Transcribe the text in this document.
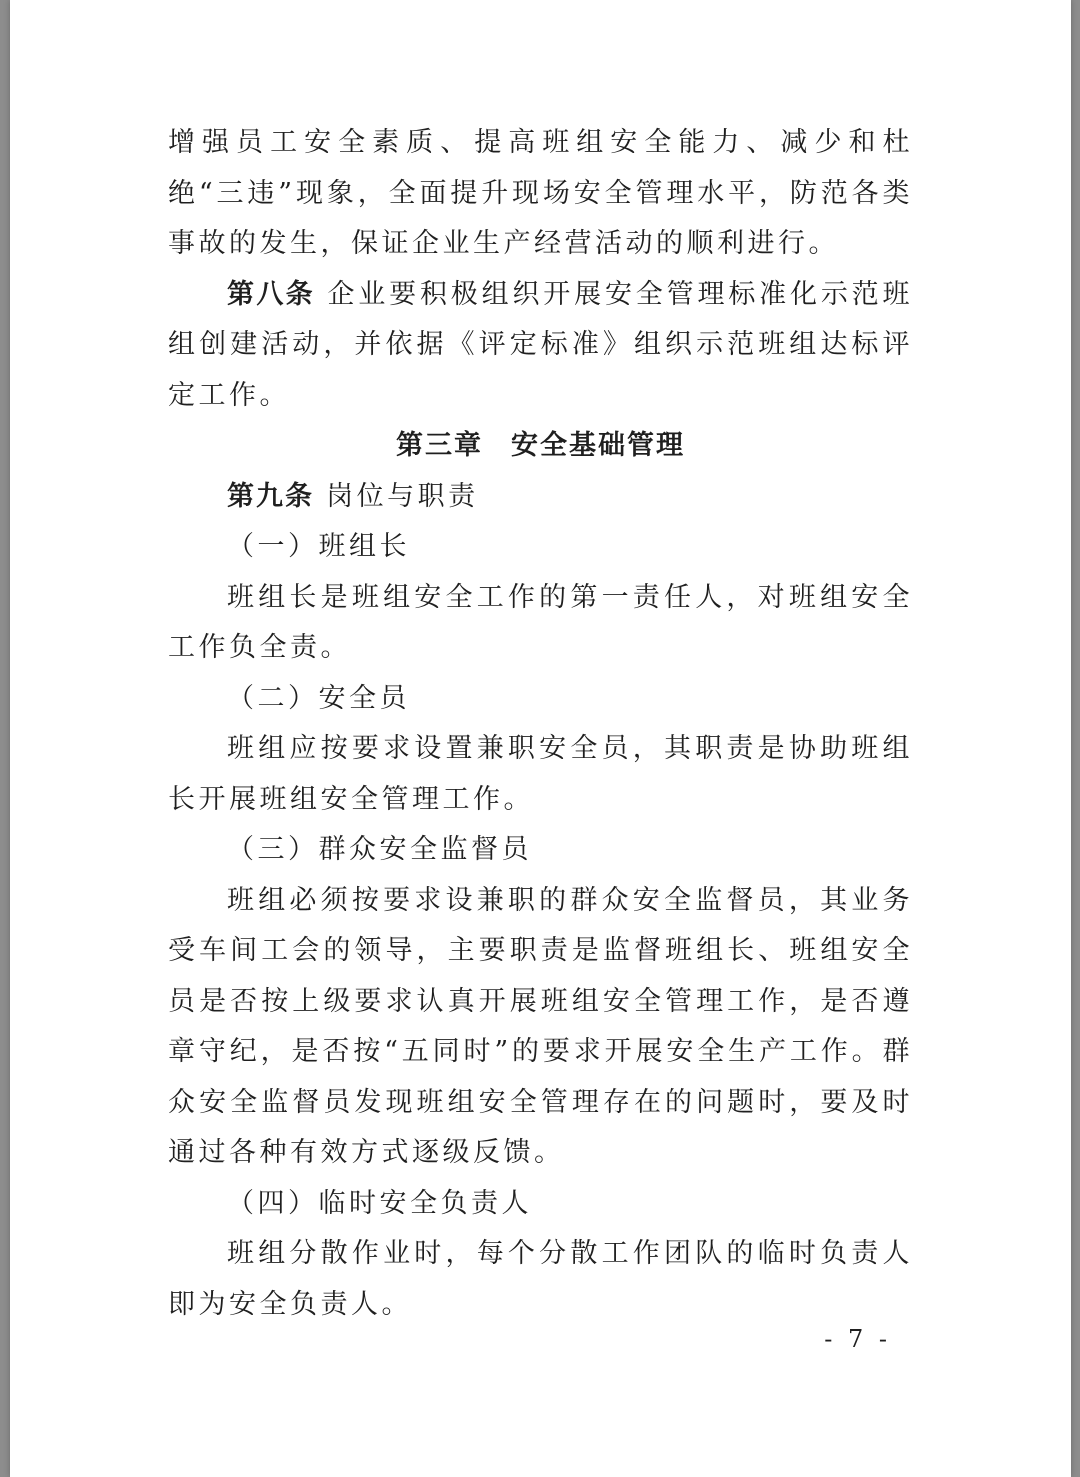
增强员工安全素质、提高班组安全能力、减少和杜绝“三违”现象，全面提升现场安全管理水平，防范各类事故的发生，保证企业生产经营活动的顺利进行。

第八条 企业要积极组织开展安全管理标准化示范班组创建活动，并依据《评定标准》组织示范班组达标评定工作。

第三章 安全基础管理

第九条 岗位与职责

（一）班组长

班组长是班组安全工作的第一责任人，对班组安全工作负全责。

（二）安全员

班组应按要求设置兼职安全员，其职责是协助班组长开展班组安全管理工作。

（三）群众安全监督员

班组必须按要求设兼职的群众安全监督员，其业务受车间工会的领导，主要职责是监督班组长、班组安全员是否按上级要求认真开展班组安全管理工作，是否遵章守纪，是否按“五同时”的要求开展安全生产工作。群众安全监督员发现班组安全管理存在的问题时，要及时通过各种有效方式逐级反馈。

（四）临时安全负责人

班组分散作业时，每个分散工作团队的临时负责人即为安全负责人。

- 7 -
